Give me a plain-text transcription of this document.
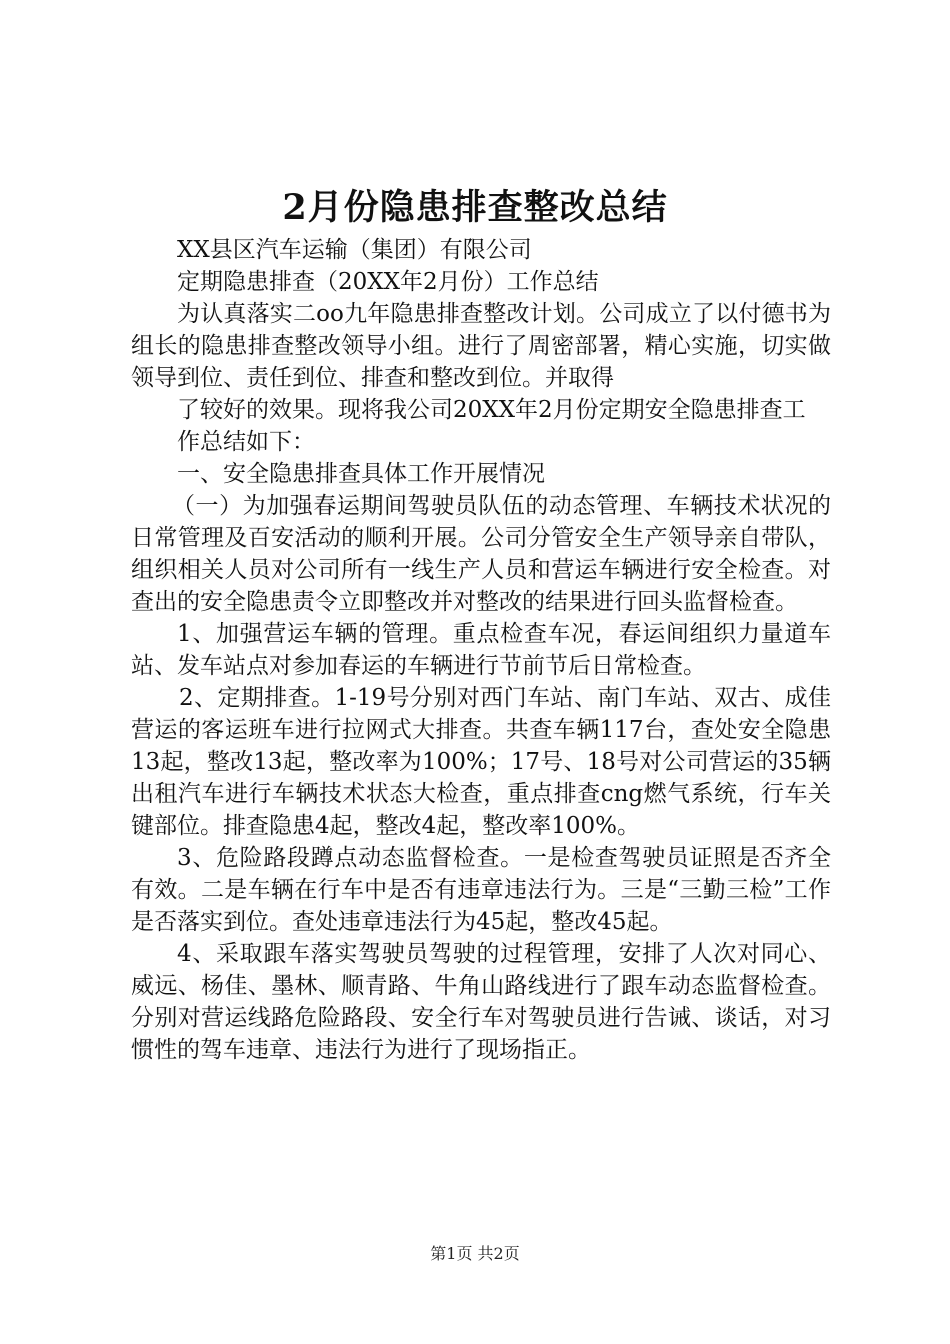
2月份隐患排查整改总结

XX县区汽车运输（集团）有限公司

定期隐患排查（20XX年2月份）工作总结

为认真落实二oo九年隐患排查整改计划。公司成立了以付德书为组长的隐患排查整改领导小组。进行了周密部署，精心实施，切实做领导到位、责任到位、排查和整改到位。并取得

了较好的效果。现将我公司20XX年2月份定期安全隐患排查工

作总结如下：

一、安全隐患排查具体工作开展情况

（一）为加强春运期间驾驶员队伍的动态管理、车辆技术状况的日常管理及百安活动的顺利开展。公司分管安全生产领导亲自带队，组织相关人员对公司所有一线生产人员和营运车辆进行安全检查。对查出的安全隐患责令立即整改并对整改的结果进行回头监督检查。

1、加强营运车辆的管理。重点检查车况，春运间组织力量道车站、发车站点对参加春运的车辆进行节前节后日常检查。

2、定期排查。1-19号分别对西门车站、南门车站、双古、成佳营运的客运班车进行拉网式大排查。共查车辆117台，查处安全隐患13起，整改13起，整改率为100%；17号、18号对公司营运的35辆出租汽车进行车辆技术状态大检查，重点排查cng燃气系统，行车关键部位。排查隐患4起，整改4起，整改率100%。

3、危险路段蹲点动态监督检查。一是检查驾驶员证照是否齐全有效。二是车辆在行车中是否有违章违法行为。三是“三勤三检”工作是否落实到位。查处违章违法行为45起，整改45起。

4、采取跟车落实驾驶员驾驶的过程管理，安排了人次对同心、威远、杨佳、墨林、顺青路、牛角山路线进行了跟车动态监督检查。分别对营运线路危险路段、安全行车对驾驶员进行告诫、谈话，对习惯性的驾车违章、违法行为进行了现场指正。

第1页 共2页
